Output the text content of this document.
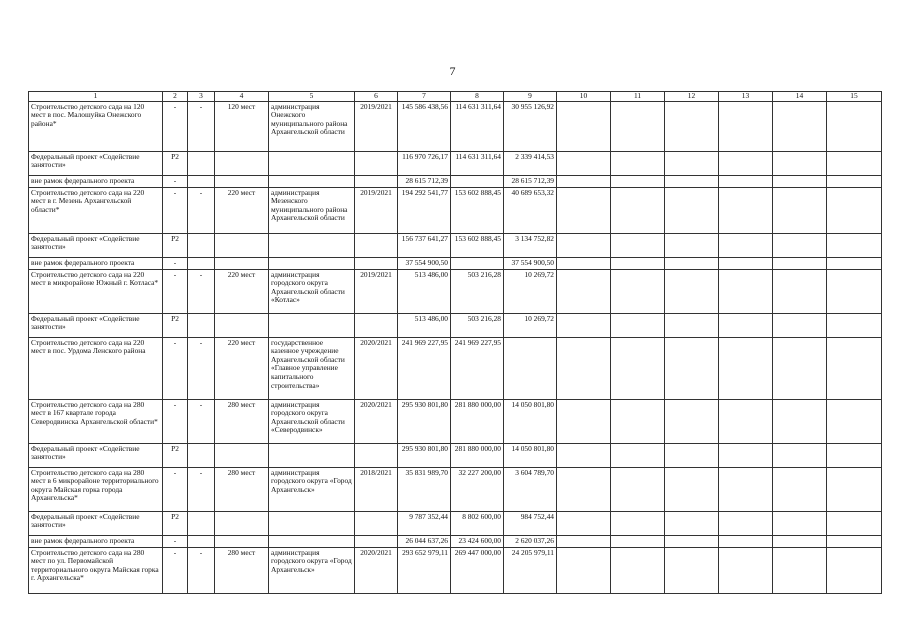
7
1	2	3	4	5	6	7	8	9	10	11	12	13	14	15
Строительство детского сада на 120 мест в пос. Малошуйка Онежского района*	-	-	120 мест	администрация Онежского муниципального района Архангельской области	2019/2021	145 586 438,56	114 631 311,64	30 955 126,92						
Федеральный проект «Содействие занятости»	P2					116 970 726,17	114 631 311,64	2 339 414,53						
вне рамок федерального проекта	-					28 615 712,39		28 615 712,39						
Строительство детского сада на 220 мест в г. Мезень Архангельской области*	-	-	220 мест	администрация Мезенского муниципального района Архангельской области	2019/2021	194 292 541,77	153 602 888,45	40 689 653,32						
Федеральный проект «Содействие занятости»	P2					156 737 641,27	153 602 888,45	3 134 752,82						
вне рамок федерального проекта	-					37 554 900,50		37 554 900,50						
Строительство детского сада на 220 мест в микрорайоне Южный г. Котласа*	-	-	220 мест	администрация городского округа Архангельской области «Котлас»	2019/2021	513 486,00	503 216,28	10 269,72						
Федеральный проект «Содействие занятости»	P2					513 486,00	503 216,28	10 269,72						
Строительство детского сада на 220 мест в пос. Урдома Ленского района	-	-	220 мест	государственное казенное учреждение Архангельской области «Главное управление капитального строительства»	2020/2021	241 969 227,95	241 969 227,95							
Строительство детского сада на 280 мест в 167 квартале города Северодвинска Архангельской области*	-	-	280 мест	администрация городского округа Архангельской области «Северодвинск»	2020/2021	295 930 801,80	281 880 000,00	14 050 801,80						
Федеральный проект «Содействие занятости»	P2					295 930 801,80	281 880 000,00	14 050 801,80						
Строительство детского сада на 280 мест в 6 микрорайоне территориального округа Майская горка города Архангельска*	-	-	280 мест	администрация городского округа «Город Архангельск»	2018/2021	35 831 989,70	32 227 200,00	3 604 789,70						
Федеральный проект «Содействие занятости»	P2					9 787 352,44	8 802 600,00	984 752,44						
вне рамок федерального проекта	-					26 044 637,26	23 424 600,00	2 620 037,26						
Строительство детского сада на 280 мест по ул. Первомайской территориального округа Майская горка г. Архангельска*	-	-	280 мест	администрация городского округа «Город Архангельск»	2020/2021	293 652 979,11	269 447 000,00	24 205 979,11						
